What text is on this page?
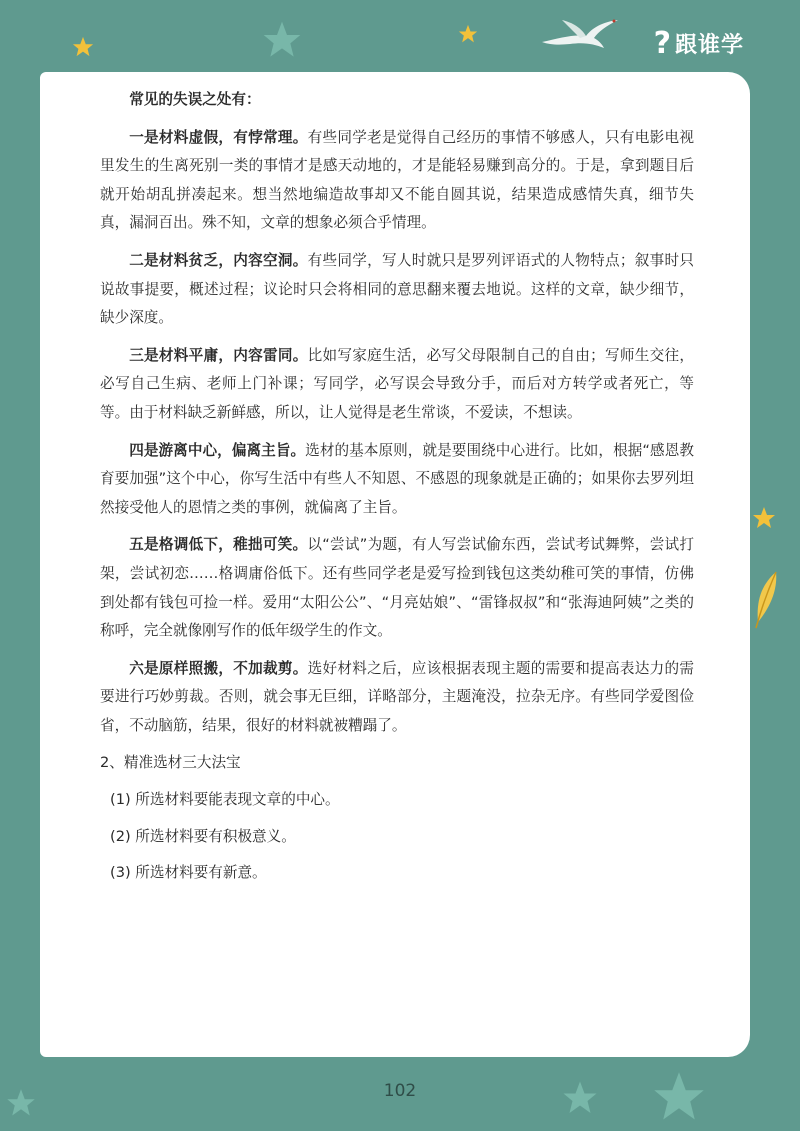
? 跟谁学

常见的失误之处有：

一是材料虚假，有悖常理。有些同学老是觉得自己经历的事情不够感人，只有电影电视里发生的生离死别一类的事情才是感天动地的，才是能轻易赚到高分的。于是，拿到题目后就开始胡乱拼凑起来。想当然地编造故事却又不能自圆其说，结果造成感情失真，细节失真，漏洞百出。殊不知，文章的想象必须合乎情理。

二是材料贫乏，内容空洞。有些同学，写人时就只是罗列评语式的人物特点；叙事时只说故事提要，概述过程；议论时只会将相同的意思翻来覆去地说。这样的文章，缺少细节，缺少深度。

三是材料平庸，内容雷同。比如写家庭生活，必写父母限制自己的自由；写师生交往，必写自己生病、老师上门补课；写同学，必写误会导致分手，而后对方转学或者死亡，等等。由于材料缺乏新鲜感，所以，让人觉得是老生常谈，不爱读，不想读。

四是游离中心，偏离主旨。选材的基本原则，就是要围绕中心进行。比如，根据“感恩教育要加强”这个中心，你写生活中有些人不知恩、不感恩的现象就是正确的；如果你去罗列坦然接受他人的恩情之类的事例，就偏离了主旨。

五是格调低下，稚拙可笑。以“尝试”为题，有人写尝试偷东西，尝试考试舞弊，尝试打架，尝试初恋……格调庸俗低下。还有些同学老是爱写捡到钱包这类幼稚可笑的事情，仿佛到处都有钱包可捡一样。爱用“太阳公公”、“月亮姑娘”、“雷锋叔叔”和“张海迪阿姨”之类的称呼，完全就像刚写作的低年级学生的作文。

六是原样照搬，不加裁剪。选好材料之后，应该根据表现主题的需要和提高表达力的需要进行巧妙剪裁。否则，就会事无巨细，详略部分，主题淹没，拉杂无序。有些同学爱图俭省，不动脑筋，结果，很好的材料就被糟蹋了。

2、精准选材三大法宝
(1) 所选材料要能表现文章的中心。
(2) 所选材料要有积极意义。
(3) 所选材料要有新意。
102
